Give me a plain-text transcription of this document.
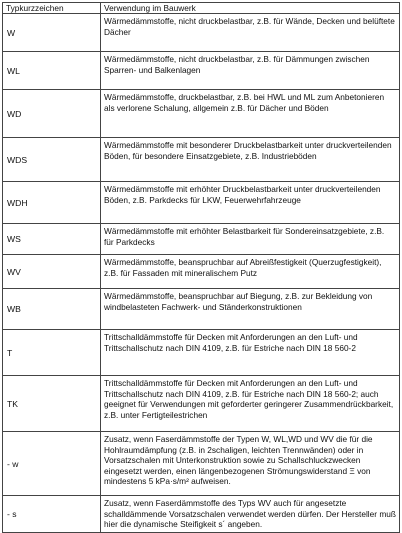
Typkurzzeichen	Verwendung im Bauwerk
W	Wärmedämmstoffe, nicht druckbelastbar, z.B. für Wände, Decken und belüftete Dächer
WL	Wärmedämmstoffe, nicht druckbelastbar, z.B. für Dämmungen zwischen Sparren- und Balkenlagen
WD	Wärmedämmstoffe, druckbelastbar, z.B. bei HWL und ML zum Anbetonieren als verlorene Schalung, allgemein z.B. für Dächer und Böden
WDS	Wärmedämmstoffe mit besonderer Druckbelastbarkeit unter druckverteilenden Böden, für besondere Einsatzgebiete, z.B. Industrieböden
WDH	Wärmedämmstoffe mit erhöhter Druckbelastbarkeit unter druckverteilenden Böden, z.B. Parkdecks für LKW, Feuerwehrfahrzeuge
WS	Wärmedämmstoffe mit erhöhter Belastbarkeit für Sondereinsatzgebiete, z.B. für Parkdecks
WV	Wärmedämmstoffe, beanspruchbar auf Abreißfestigkeit (Querzugfestigkeit), z.B. für Fassaden mit mineralischem Putz
WB	Wärmedämmstoffe, beanspruchbar auf Biegung, z.B. zur Bekleidung von windbelasteten Fachwerk- und Ständerkonstruktionen
T	Trittschalldämmstoffe für Decken mit Anforderungen an den Luft- und Trittschallschutz nach DIN 4109, z.B. für Estriche nach DIN 18 560-2
TK	Trittschalldämmstoffe für Decken mit Anforderungen an den Luft- und Trittschallschutz nach DIN 4109, z.B. für Estriche nach DIN 18 560-2; auch geeignet für Verwendungen mit geforderter geringerer Zusammendrückbarkeit, z.B. unter Fertigteilestrichen
- w	Zusatz, wenn Faserdämmstoffe der Typen W, WL,WD und WV die für die Hohlraumdämpfung (z.B. in 2schaligen, leichten Trennwänden) oder in Vorsatzschalen mit Unterkonstruktion sowie zu Schallschluckzwecken eingesetzt werden, einen längenbezogenen Strömungswiderstand Ξ von mindestens 5 kPa·s/m² aufweisen.
- s	Zusatz, wenn Faserdämmstoffe des Typs WV auch für angesetzte schalldämmende Vorsatzschalen verwendet werden dürfen. Der Hersteller muß hier die dynamische Steifigkeit s´ angeben.
